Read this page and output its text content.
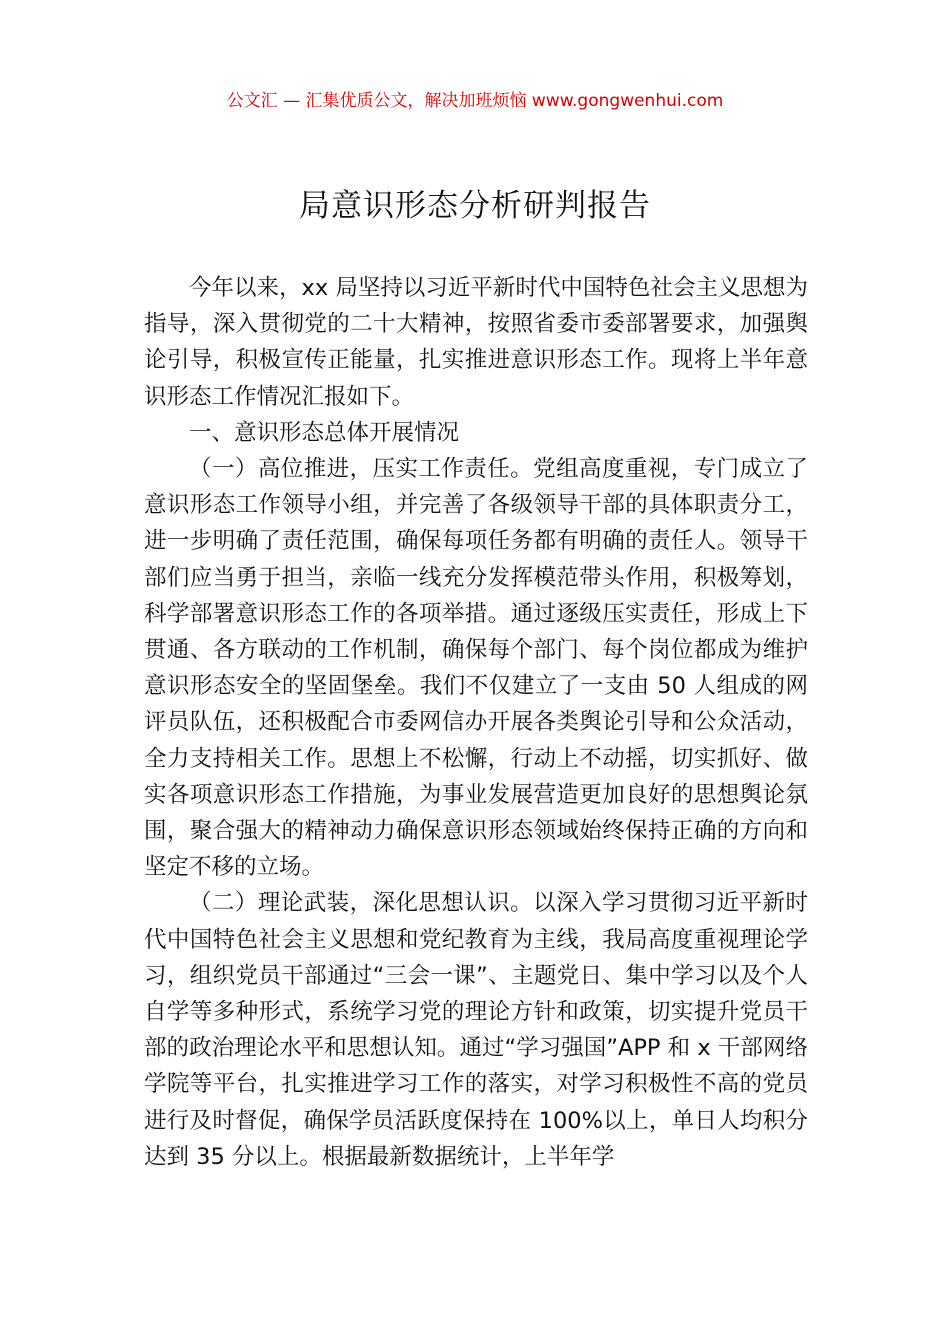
公文汇 — 汇集优质公文，解决加班烦恼 www.gongwenhui.com
局意识形态分析研判报告

今年以来，xx 局坚持以习近平新时代中国特色社会主义思想为指导，深入贯彻党的二十大精神，按照省委市委部署要求，加强舆论引导，积极宣传正能量，扎实推进意识形态工作。现将上半年意识形态工作情况汇报如下。

一、意识形态总体开展情况

（一）高位推进，压实工作责任。党组高度重视，专门成立了意识形态工作领导小组，并完善了各级领导干部的具体职责分工，进一步明确了责任范围，确保每项任务都有明确的责任人。领导干部们应当勇于担当，亲临一线充分发挥模范带头作用，积极筹划，科学部署意识形态工作的各项举措。通过逐级压实责任，形成上下贯通、各方联动的工作机制，确保每个部门、每个岗位都成为维护意识形态安全的坚固堡垒。我们不仅建立了一支由 50 人组成的网评员队伍，还积极配合市委网信办开展各类舆论引导和公众活动，全力支持相关工作。思想上不松懈，行动上不动摇，切实抓好、做实各项意识形态工作措施，为事业发展营造更加良好的思想舆论氛围，聚合强大的精神动力确保意识形态领域始终保持正确的方向和坚定不移的立场。

（二）理论武装，深化思想认识。以深入学习贯彻习近平新时代中国特色社会主义思想和党纪教育为主线，我局高度重视理论学习，组织党员干部通过“三会一课”、主题党日、集中学习以及个人自学等多种形式，系统学习党的理论方针和政策，切实提升党员干部的政治理论水平和思想认知。通过“学习强国”APP 和 x 干部网络学院等平台，扎实推进学习工作的落实，对学习积极性不高的党员进行及时督促，确保学员活跃度保持在 100%以上，单日人均积分达到 35 分以上。根据最新数据统计，上半年学
